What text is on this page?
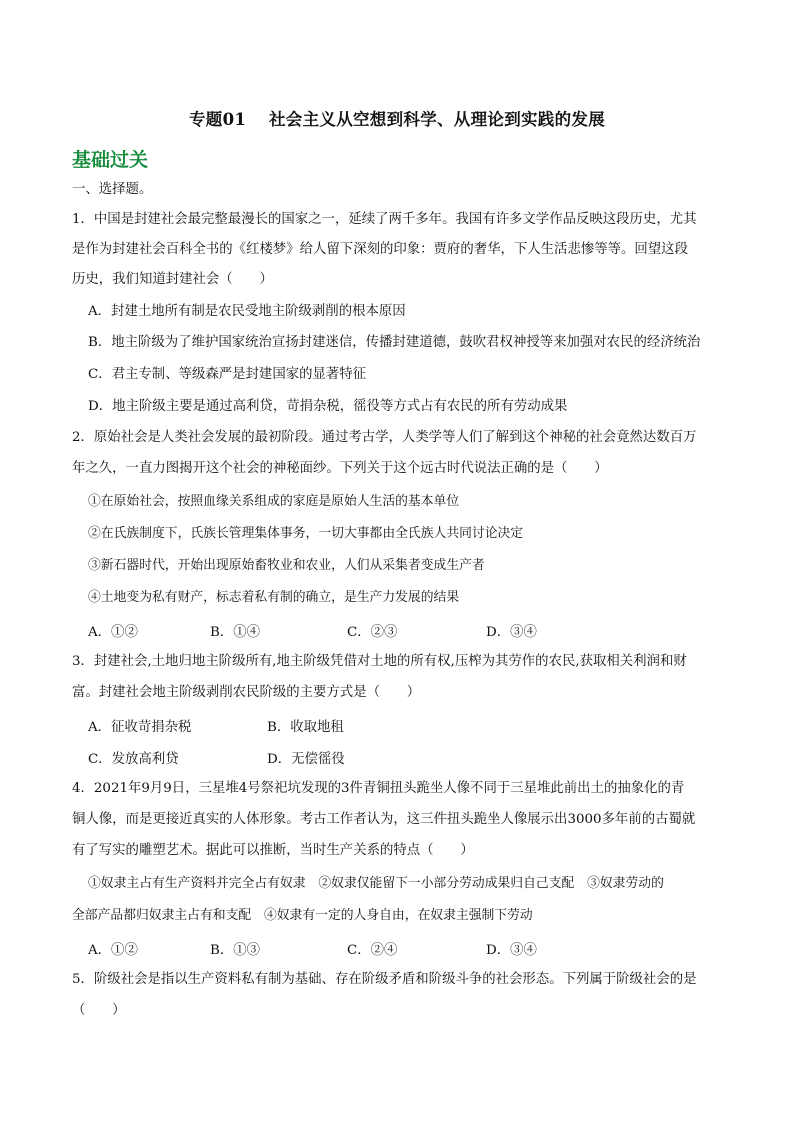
专题01　 社会主义从空想到科学、从理论到实践的发展
基础过关
一、选择题。
1．中国是封建社会最完整最漫长的国家之一，延续了两千多年。我国有许多文学作品反映这段历史，尤其
是作为封建社会百科全书的《红楼梦》给人留下深刻的印象：贾府的奢华，下人生活悲惨等等。回望这段
历史，我们知道封建社会（　　）
A．封建土地所有制是农民受地主阶级剥削的根本原因
B．地主阶级为了维护国家统治宣扬封建迷信，传播封建道德，鼓吹君权神授等来加强对农民的经济统治
C．君主专制、等级森严是封建国家的显著特征
D．地主阶级主要是通过高利贷，苛捐杂税，徭役等方式占有农民的所有劳动成果
2．原始社会是人类社会发展的最初阶段。通过考古学，人类学等人们了解到这个神秘的社会竟然达数百万
年之久，一直力图揭开这个社会的神秘面纱。下列关于这个远古时代说法正确的是（　　）
①在原始社会，按照血缘关系组成的家庭是原始人生活的基本单位
②在氏族制度下，氏族长管理集体事务，一切大事都由全氏族人共同讨论决定
③新石器时代，开始出现原始畜牧业和农业，人们从采集者变成生产者
④土地变为私有财产，标志着私有制的确立，是生产力发展的结果
A．①②	B．①④	C．②③	D．③④
3．封建社会,土地归地主阶级所有,地主阶级凭借对土地的所有权,压榨为其劳作的农民,获取相关利润和财
富。封建社会地主阶级剥削农民阶级的主要方式是（　　）
A．征收苛捐杂税	B．收取地租
C．发放高利贷	D．无偿徭役
4．2021年9月9日，三星堆4号祭祀坑发现的3件青铜扭头跪坐人像不同于三星堆此前出土的抽象化的青
铜人像，而是更接近真实的人体形象。考古工作者认为，这三件扭头跪坐人像展示出3000多年前的古蜀就
有了写实的雕塑艺术。据此可以推断，当时生产关系的特点（　　）
①奴隶主占有生产资料并完全占有奴隶　②奴隶仅能留下一小部分劳动成果归自己支配　③奴隶劳动的
全部产品都归奴隶主占有和支配　④奴隶有一定的人身自由，在奴隶主强制下劳动
A．①②	B．①③	C．②④	D．③④
5．阶级社会是指以生产资料私有制为基础、存在阶级矛盾和阶级斗争的社会形态。下列属于阶级社会的是
（　　）
